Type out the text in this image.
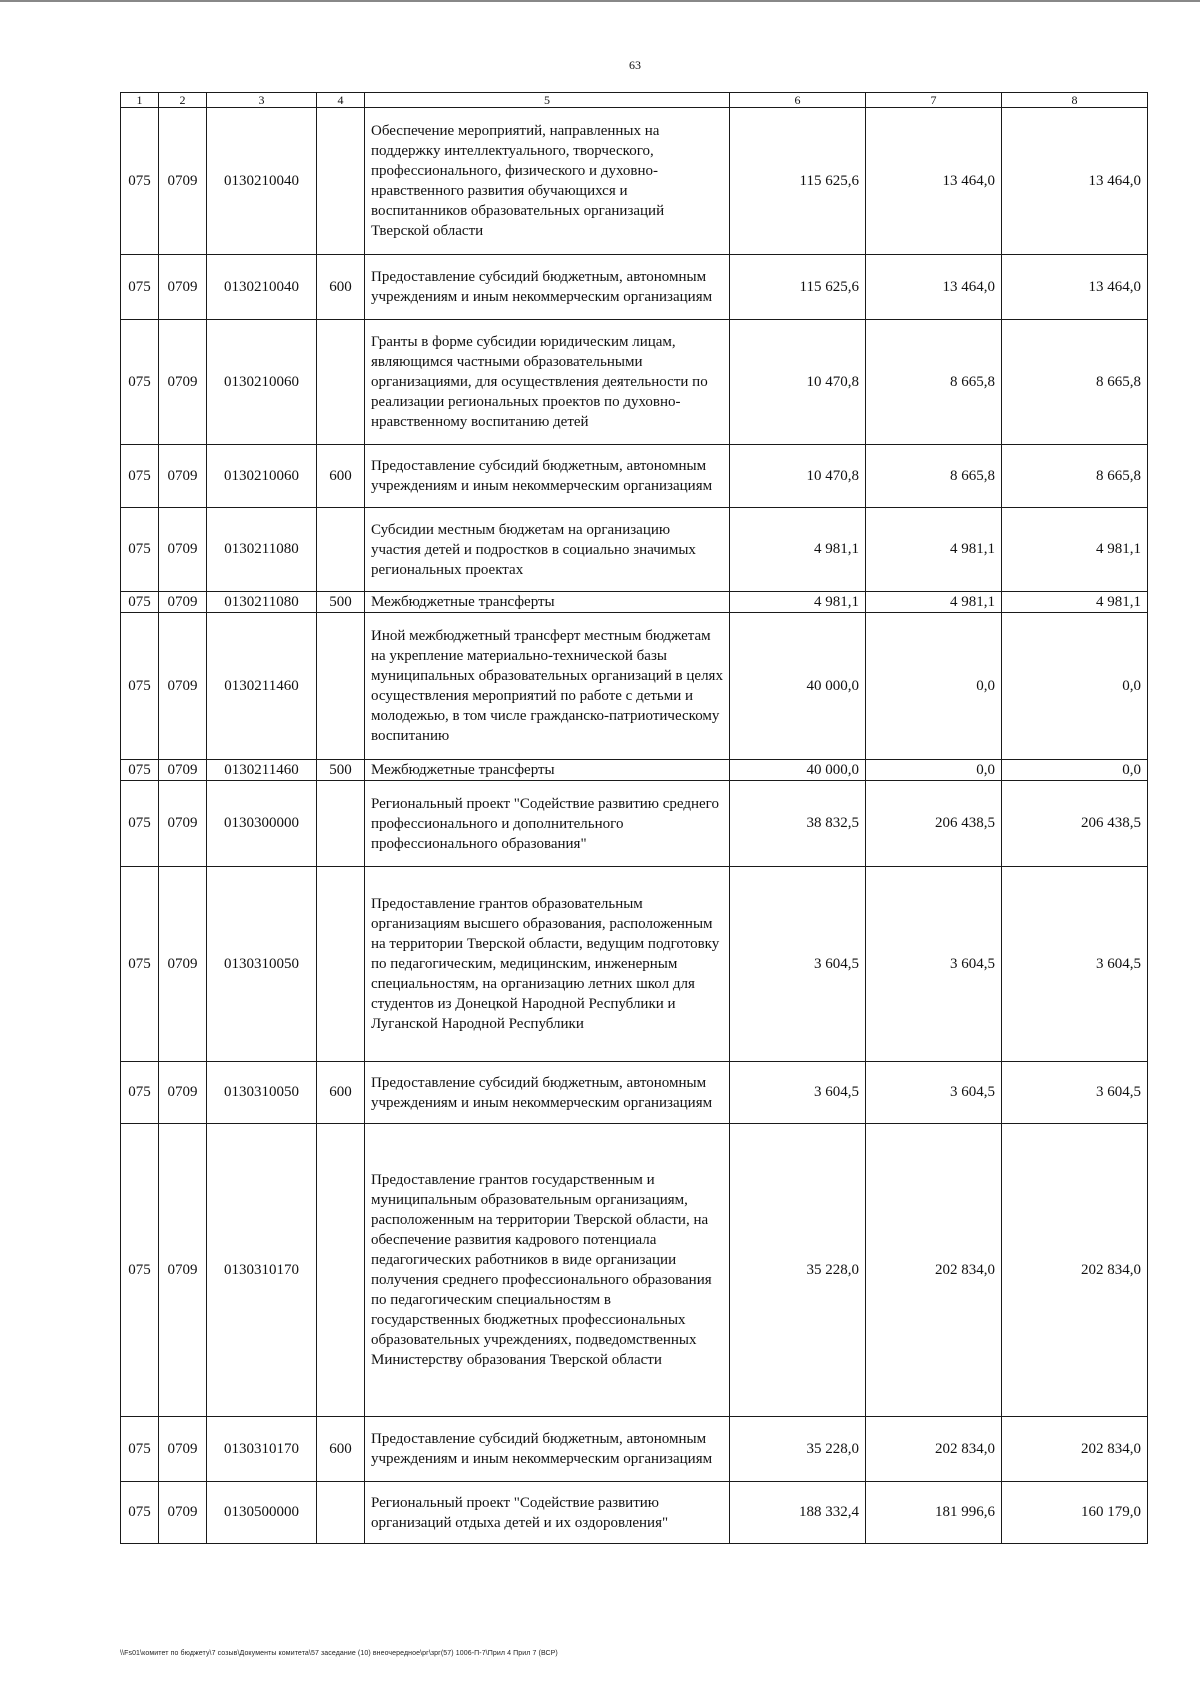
63
1	2	3	4	5	6	7	8
075	0709	0130210040		Обеспечение мероприятий, направленных на поддержку интеллектуального, творческого, профессионального, физического и духовно-нравственного развития обучающихся и воспитанников образовательных организаций Тверской области	115 625,6	13 464,0	13 464,0
075	0709	0130210040	600	Предоставление субсидий бюджетным, автономным учреждениям и иным некоммерческим организациям	115 625,6	13 464,0	13 464,0
075	0709	0130210060		Гранты в форме субсидии юридическим лицам, являющимся частными образовательными организациями, для осуществления деятельности по реализации региональных проектов по духовно-нравственному воспитанию детей	10 470,8	8 665,8	8 665,8
075	0709	0130210060	600	Предоставление субсидий бюджетным, автономным учреждениям и иным некоммерческим организациям	10 470,8	8 665,8	8 665,8
075	0709	0130211080		Субсидии местным бюджетам на организацию участия детей и подростков в социально значимых региональных проектах	4 981,1	4 981,1	4 981,1
075	0709	0130211080	500	Межбюджетные трансферты	4 981,1	4 981,1	4 981,1
075	0709	0130211460		Иной межбюджетный трансферт местным бюджетам на укрепление материально-технической базы муниципальных образовательных организаций в целях осуществления мероприятий по работе с детьми и молодежью, в том числе гражданско-патриотическому воспитанию	40 000,0	0,0	0,0
075	0709	0130211460	500	Межбюджетные трансферты	40 000,0	0,0	0,0
075	0709	0130300000		Региональный проект "Содействие развитию среднего профессионального и дополнительного профессионального образования"	38 832,5	206 438,5	206 438,5
075	0709	0130310050		Предоставление грантов образовательным организациям высшего образования, расположенным на территории Тверской области, ведущим подготовку по педагогическим, медицинским, инженерным специальностям, на организацию летних школ для студентов из Донецкой Народной Республики и Луганской Народной Республики	3 604,5	3 604,5	3 604,5
075	0709	0130310050	600	Предоставление субсидий бюджетным, автономным учреждениям и иным некоммерческим организациям	3 604,5	3 604,5	3 604,5
075	0709	0130310170		Предоставление грантов государственным и муниципальным образовательным организациям, расположенным на территории Тверской области, на обеспечение развития кадрового потенциала педагогических работников в виде организации получения среднего профессионального образования по педагогическим специальностям в государственных бюджетных профессиональных образовательных учреждениях, подведомственных Министерству образования Тверской области	35 228,0	202 834,0	202 834,0
075	0709	0130310170	600	Предоставление субсидий бюджетным, автономным учреждениям и иным некоммерческим организациям	35 228,0	202 834,0	202 834,0
075	0709	0130500000		Региональный проект "Содействие развитию организаций отдыха детей и их оздоровления"	188 332,4	181 996,6	160 179,0
\\Fs01\комитет по бюджету\7 созыв\Документы комитета\57 заседание (10) внеочередное\рг\зрг(57) 1006-П-7\Прил 4 Прил 7 (ВСР)
